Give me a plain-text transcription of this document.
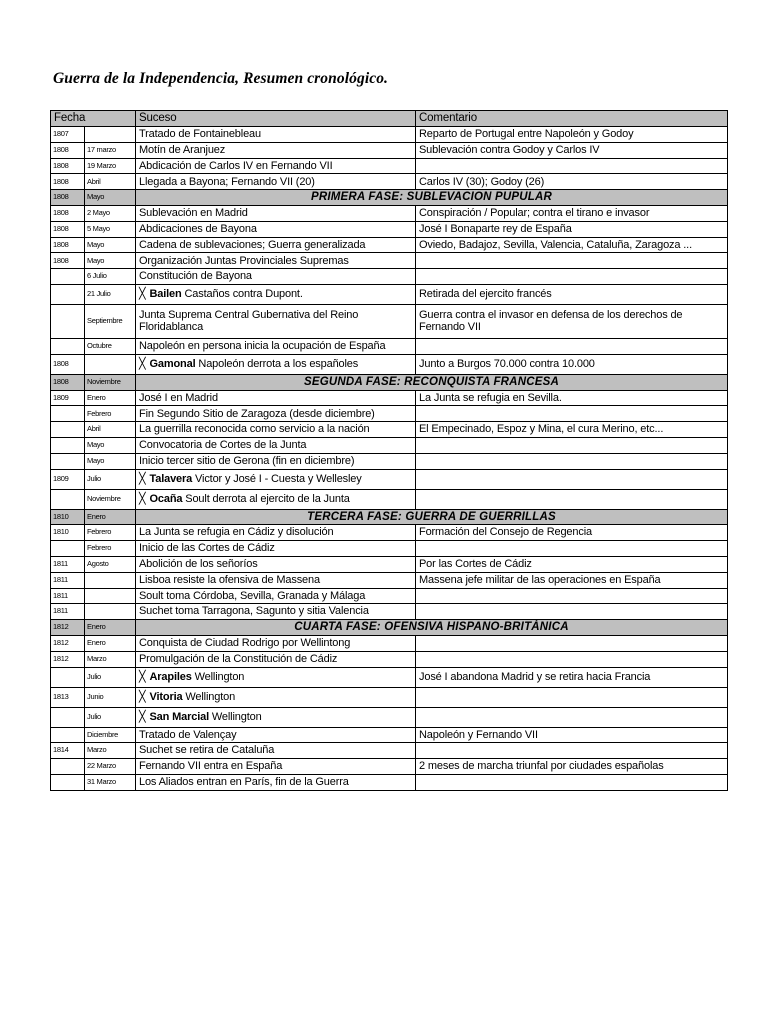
Guerra de la Independencia, Resumen cronológico.
Fecha		Suceso	Comentario
1807		Tratado de Fontainebleau	Reparto de Portugal entre Napoleón y Godoy
1808	17 marzo	Motín de Aranjuez	Sublevación contra Godoy y Carlos IV
1808	19 Marzo	Abdicación de Carlos IV en Fernando VII	
1808	Abril	Llegada a Bayona; Fernando VII (20)	Carlos IV (30); Godoy (26)
1808	Mayo	PRIMERA FASE: SUBLEVACION PUPULAR	
1808	2 Mayo	Sublevación en Madrid	Conspiración / Popular; contra el tirano e invasor
1808	5 Mayo	Abdicaciones de Bayona	José I Bonaparte rey de España
1808	Mayo	Cadena de sublevaciones; Guerra generalizada	Oviedo, Badajoz, Sevilla, Valencia, Cataluña, Zaragoza ...
1808	Mayo	Organización Juntas Provinciales Supremas	
	6 Julio	Constitución de Bayona	
	21 Julio	╳ Bailen Castaños contra Dupont.	Retirada del ejercito francés
	Septiembre	Junta Suprema Central Gubernativa del Reino Floridablanca	Guerra contra el invasor en defensa de los derechos de Fernando VII
	Octubre	Napoleón en persona inicia la ocupación de España	
1808		╳ Gamonal Napoleón derrota a los españoles	Junto a Burgos 70.000 contra 10.000
1808	Noviembre	SEGUNDA FASE: RECONQUISTA FRANCESA	
1809	Enero	José I en Madrid	La Junta se refugia en Sevilla.
	Febrero	Fin Segundo Sitio de Zaragoza (desde diciembre)	
	Abril	La guerrilla reconocida como servicio a la nación	El Empecinado, Espoz y Mina, el cura Merino, etc...
	Mayo	Convocatoria de Cortes de la Junta	
	Mayo	Inicio tercer sitio de Gerona (fin en diciembre)	
1809	Julio	╳ Talavera Victor y José I - Cuesta y Wellesley	
	Noviembre	╳ Ocaña Soult derrota al ejercito de la Junta	
1810	Enero	TERCERA FASE: GUERRA DE GUERRILLAS	
1810	Febrero	La Junta se refugia en Cádiz y disolución	Formación del Consejo de Regencia
	Febrero	Inicio de las Cortes de Cádiz	
1811	Agosto	Abolición de los señoríos	Por las Cortes de Cádiz
1811		Lisboa resiste la ofensiva de Massena	Massena jefe militar de las operaciones en España
1811		Soult toma Córdoba, Sevilla, Granada y Málaga	
1811		Suchet toma Tarragona, Sagunto y sitia Valencia	
1812	Enero	CUARTA FASE: OFENSIVA HISPANO-BRITÁNICA	
1812	Enero	Conquista de Ciudad Rodrigo por Wellintong	
1812	Marzo	Promulgación de la Constitución de Cádiz	
	Julio	╳ Arapiles Wellington	José I abandona Madrid y se retira hacia Francia
1813	Junio	╳ Vitoria Wellington	
	Julio	╳ San Marcial Wellington	
	Diciembre	Tratado de Valençay	Napoleón y Fernando VII
1814	Marzo	Suchet se retira de Cataluña	
	22 Marzo	Fernando VII entra en España	2 meses de marcha triunfal por ciudades españolas
	31 Marzo	Los Aliados entran en París, fin de la Guerra	
